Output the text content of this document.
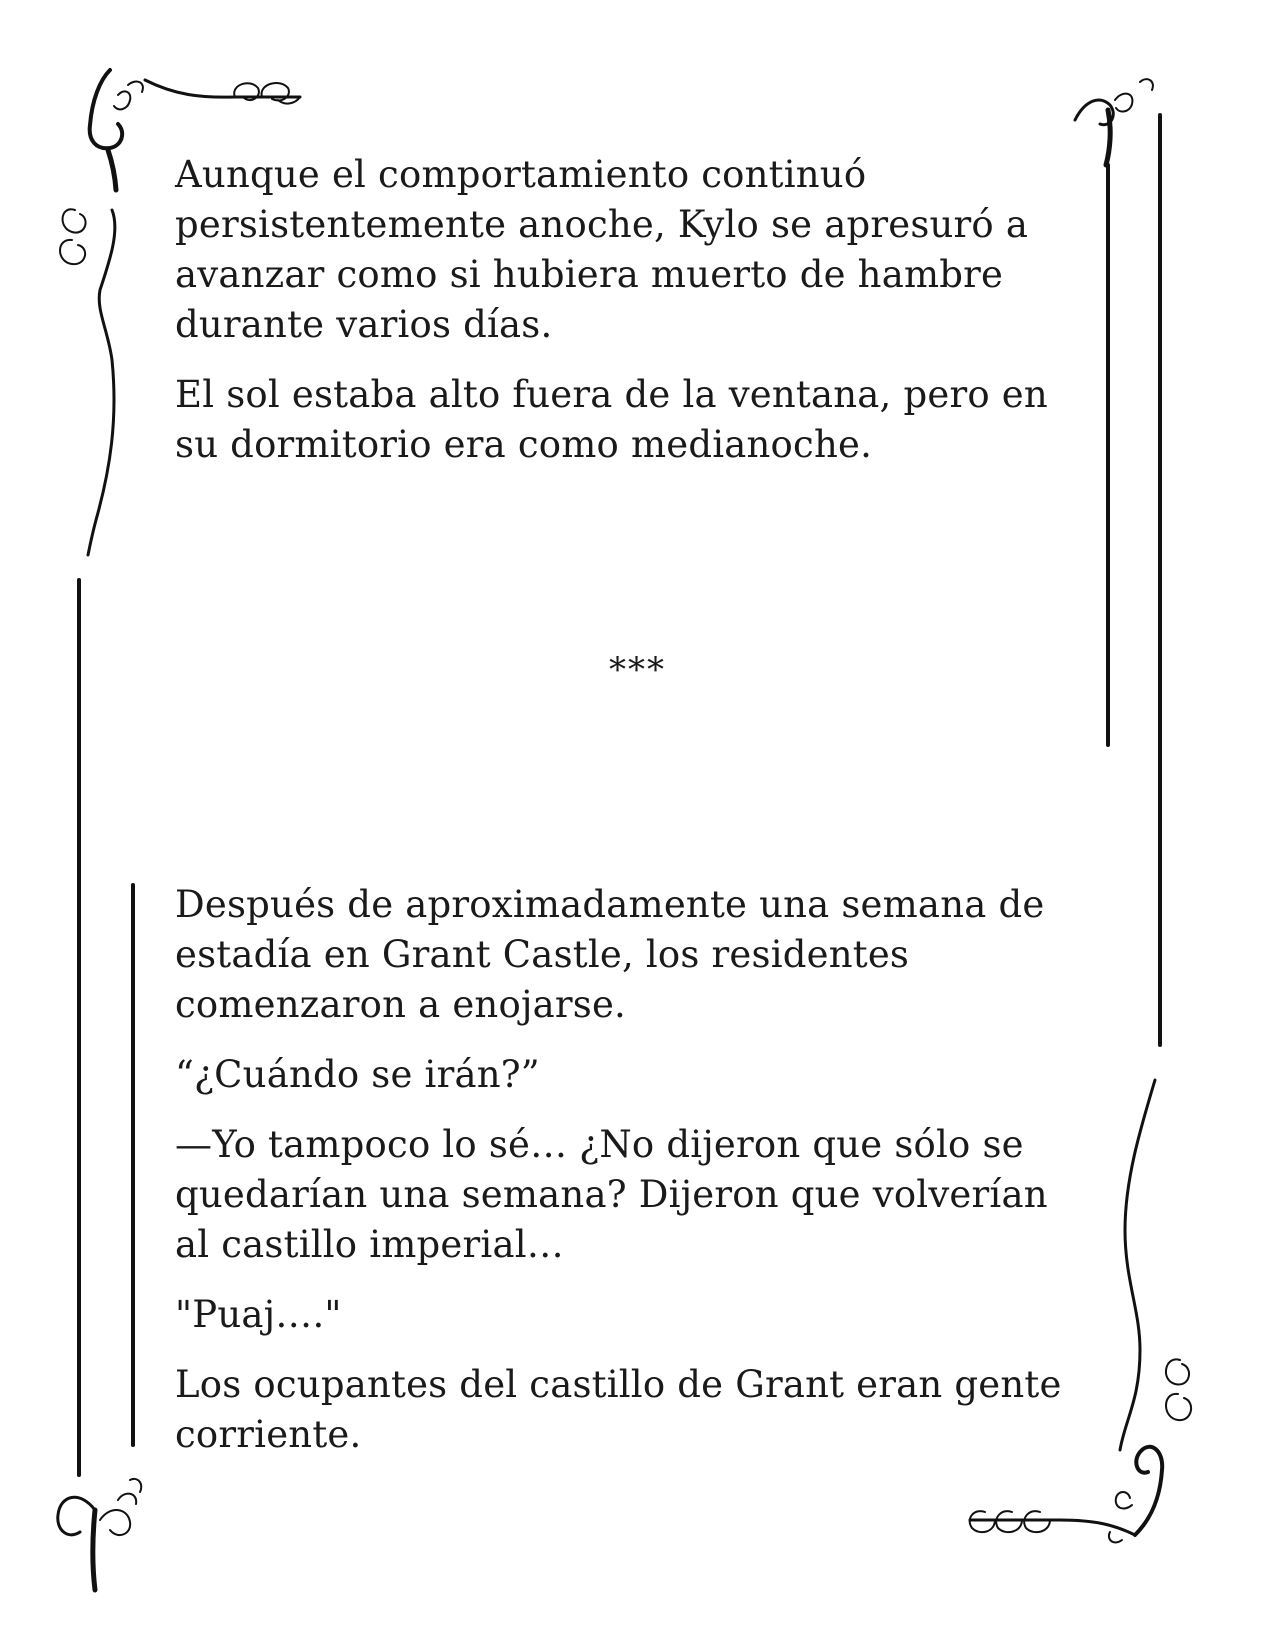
Aunque el comportamiento continuó persistentemente anoche, Kylo se apresuró a avanzar como si hubiera muerto de hambre durante varios días.

El sol estaba alto fuera de la ventana, pero en su dormitorio era como medianoche.

***

Después de aproximadamente una semana de estadía en Grant Castle, los residentes comenzaron a enojarse.

“¿Cuándo se irán?”

—Yo tampoco lo sé… ¿No dijeron que sólo se quedarían una semana? Dijeron que volverían al castillo imperial…

"Puaj…."

Los ocupantes del castillo de Grant eran gente corriente.
